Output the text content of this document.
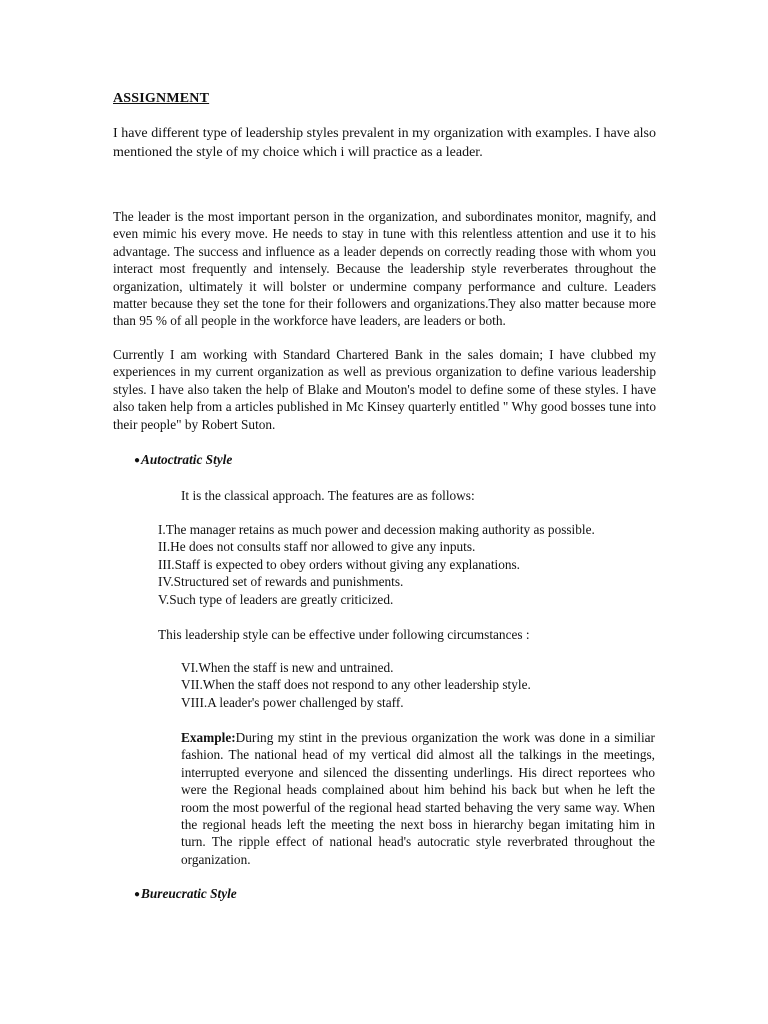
ASSIGNMENT
I have different type of leadership styles prevalent in my organization with examples. I have also mentioned the style of my choice which i will practice as a leader.
The leader is the most important person in the organization, and subordinates monitor, magnify, and even mimic his every move. He needs to stay in tune with this relentless attention and use it to his advantage. The success and influence as a leader depends on correctly reading those with whom you interact most frequently and intensely. Because the leadership style reverberates throughout the organization, ultimately it will bolster or undermine company performance and culture. Leaders matter because they set the tone for their followers and organizations.They also matter because more than 95 % of all people in the workforce have leaders, are leaders or both.
Currently I am working with Standard Chartered Bank in the sales domain; I have clubbed my experiences in my current organization as well as previous organization to define various leadership styles. I have also taken the help of Blake and Mouton's model to define some of these styles. I have also taken help from a articles published in Mc Kinsey quarterly entitled " Why good bosses tune into their people" by Robert Suton.
●Autoctratic Style
It is the classical approach. The features are as follows:
I.The manager retains as much power and decession making authority as possible.
II.He does not consults staff nor allowed to give any inputs.
III.Staff is expected to obey orders without giving any explanations.
IV.Structured set of rewards and punishments.
V.Such type of leaders are greatly criticized.
This leadership style can be effective under following circumstances :
VI.When the staff is new and untrained.
VII.When the staff does not respond to any other leadership style.
VIII.A leader's power challenged by staff.
Example:During my stint in the previous organization the work was done in a similiar fashion. The national head of my vertical did almost all the talkings in the meetings, interrupted everyone and silenced the dissenting underlings. His direct reportees who were the Regional heads complained about him behind his back but when he left the room the most powerful of the regional head started behaving the very same way. When the regional heads left the meeting the next boss in hierarchy began imitating him in turn. The ripple effect of national head's autocratic style reverbrated throughout the organization.
●Bureucratic Style
